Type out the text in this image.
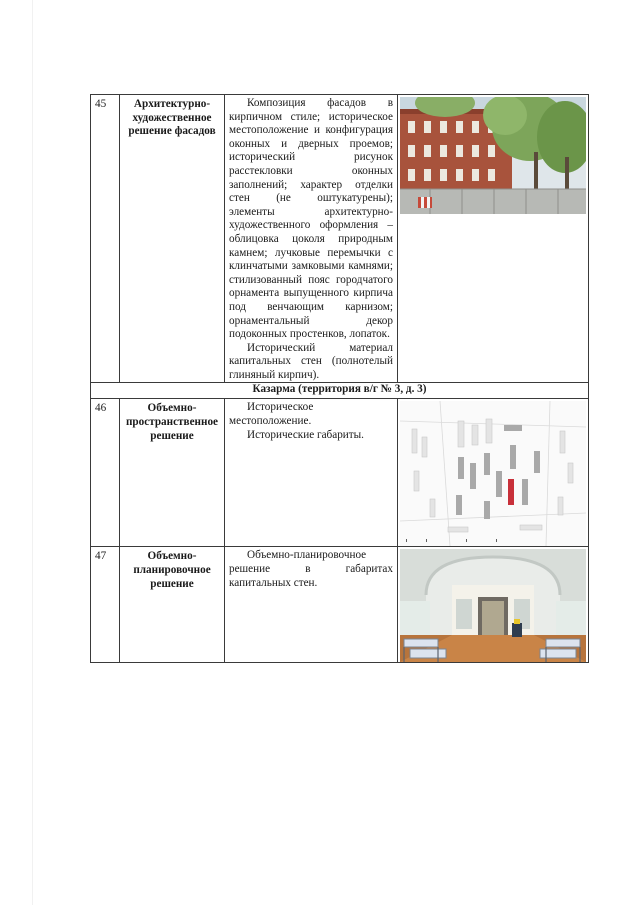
45	Архитектурно-художественное решение фасадов	Композиция фасадов в кирпичном стиле; историческое местоположение и конфигурация оконных и дверных проемов; исторический рисунок расстекловки оконных заполнений; характер отделки стен (не оштукатурены); элементы архитектурно-художественного оформления – облицовка цоколя природным камнем; лучковые перемычки с клинчатыми замковыми камнями; стилизованный пояс городчатого орнамента выпущенного кирпича под венчающим карнизом; орнаментальный декор подоконных простенков, лопаток.

Исторический материал капитальных стен (полнотелый глиняный кирпич).

Казарма (территория в/г № 3, д. 3)			
46	Объемно-пространственное решение	Историческое местоположение.

Исторические габариты.

47	Объемно-планировочное решение	Объемно-планировочное решение в габаритах капитальных стен.
